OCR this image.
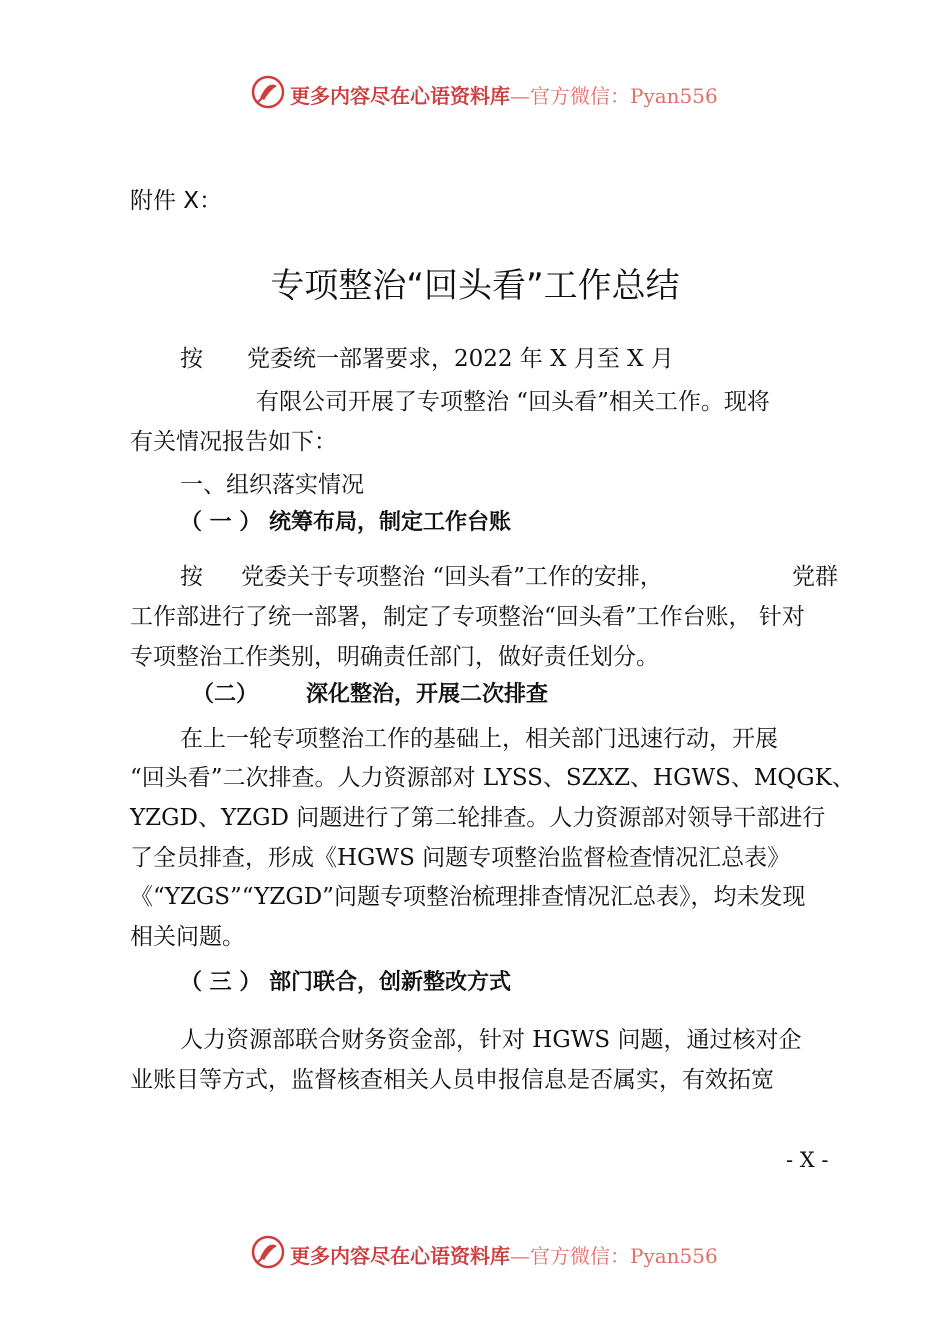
更多内容尽在心语资料库—官方微信：Pyan556
附件 X：
专项整治“回头看”工作总结
按 党委统一部署要求，2022 年 X 月至 X 月
有限公司开展了专项整治 “回头看”相关工作。现将
有关情况报告如下：
一、组织落实情况
（ 一 ） 统筹布局，制定工作台账
按 党委关于专项整治 “回头看”工作的安排，	党群
工作部进行了统一部署，制定了专项整治“回头看”工作台账， 针对
专项整治工作类别，明确责任部门，做好责任划分。
（二） 深化整治，开展二次排查
在上一轮专项整治工作的基础上，相关部门迅速行动，开展
“回头看”二次排查。人力资源部对 LYSS、SZXZ、HGWS、MQGK、
YZGD、YZGD 问题进行了第二轮排查。人力资源部对领导干部进行
了全员排查，形成《HGWS 问题专项整治监督检查情况汇总表》
《“YZGS”“YZGD”问题专项整治梳理排查情况汇总表》，均未发现
相关问题。
（ 三 ） 部门联合，创新整改方式
人力资源部联合财务资金部，针对 HGWS 问题，通过核对企
业账目等方式，监督核查相关人员申报信息是否属实，有效拓宽
- X -
更多内容尽在心语资料库—官方微信：Pyan556
